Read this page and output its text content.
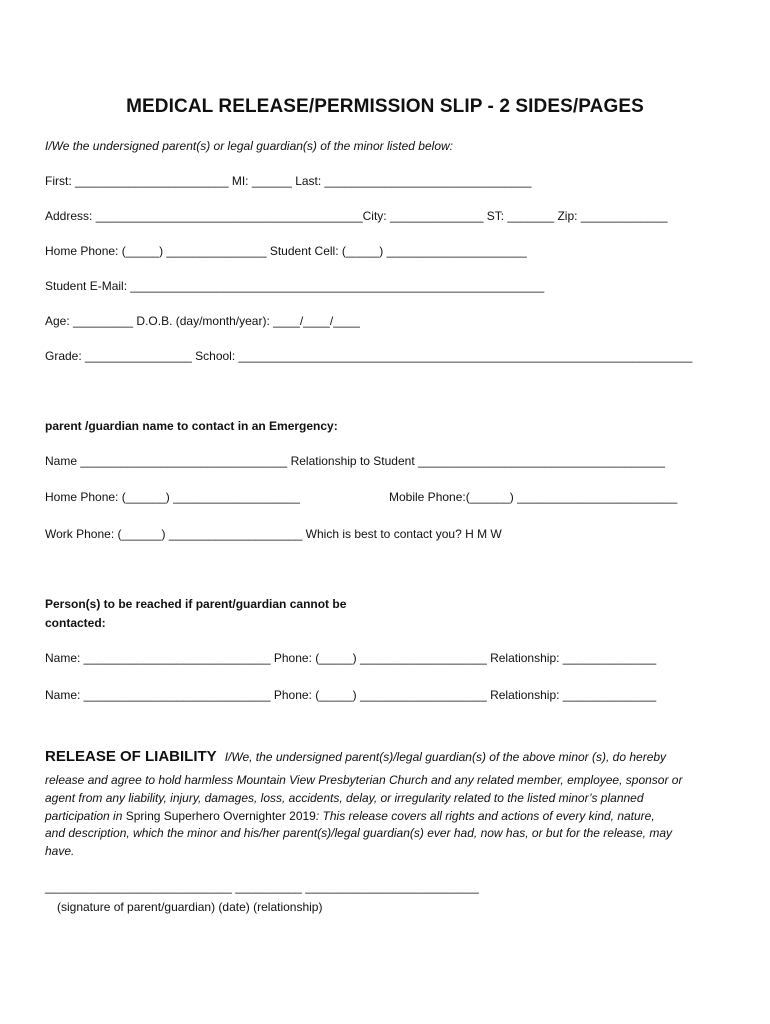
MEDICAL RELEASE/PERMISSION SLIP - 2 SIDES/PAGES
I/We the undersigned parent(s) or legal guardian(s) of the minor listed below:
First: _______________________ MI: ______ Last: _______________________________
Address: ________________________________________City: ______________ ST: _______ Zip: _____________
Home Phone: (_____) _______________ Student Cell: (_____) _____________________
Student E-Mail: ______________________________________________________________
Age: _________ D.O.B. (day/month/year): ____/____/____
Grade: ________________ School: ____________________________________________________________________
parent /guardian name to contact in an Emergency:
Name _______________________________ Relationship to Student _____________________________________
Home Phone: (______) ___________________	Mobile Phone:(______) ________________________
Work Phone: (______) ____________________ Which is best to contact you? H M W
Person(s) to be reached if parent/guardian cannot be
contacted:
Name: ____________________________ Phone: (_____) ___________________ Relationship: ______________
Name: ____________________________ Phone: (_____) ___________________ Relationship: ______________
RELEASE OF LIABILITY I/We, the undersigned parent(s)/legal guardian(s) of the above minor (s), do hereby
release and agree to hold harmless Mountain View Presbyterian Church and any related member, employee, sponsor or
agent from any liability, injury, damages, loss, accidents, delay, or irregularity related to the listed minor’s planned
participation in Spring Superhero Overnighter 2019: This release covers all rights and actions of every kind, nature,
and description, which the minor and his/her parent(s)/legal guardian(s) ever had, now has, or but for the release, may
have.
____________________________ __________ __________________________
(signature of parent/guardian) (date) (relationship)
